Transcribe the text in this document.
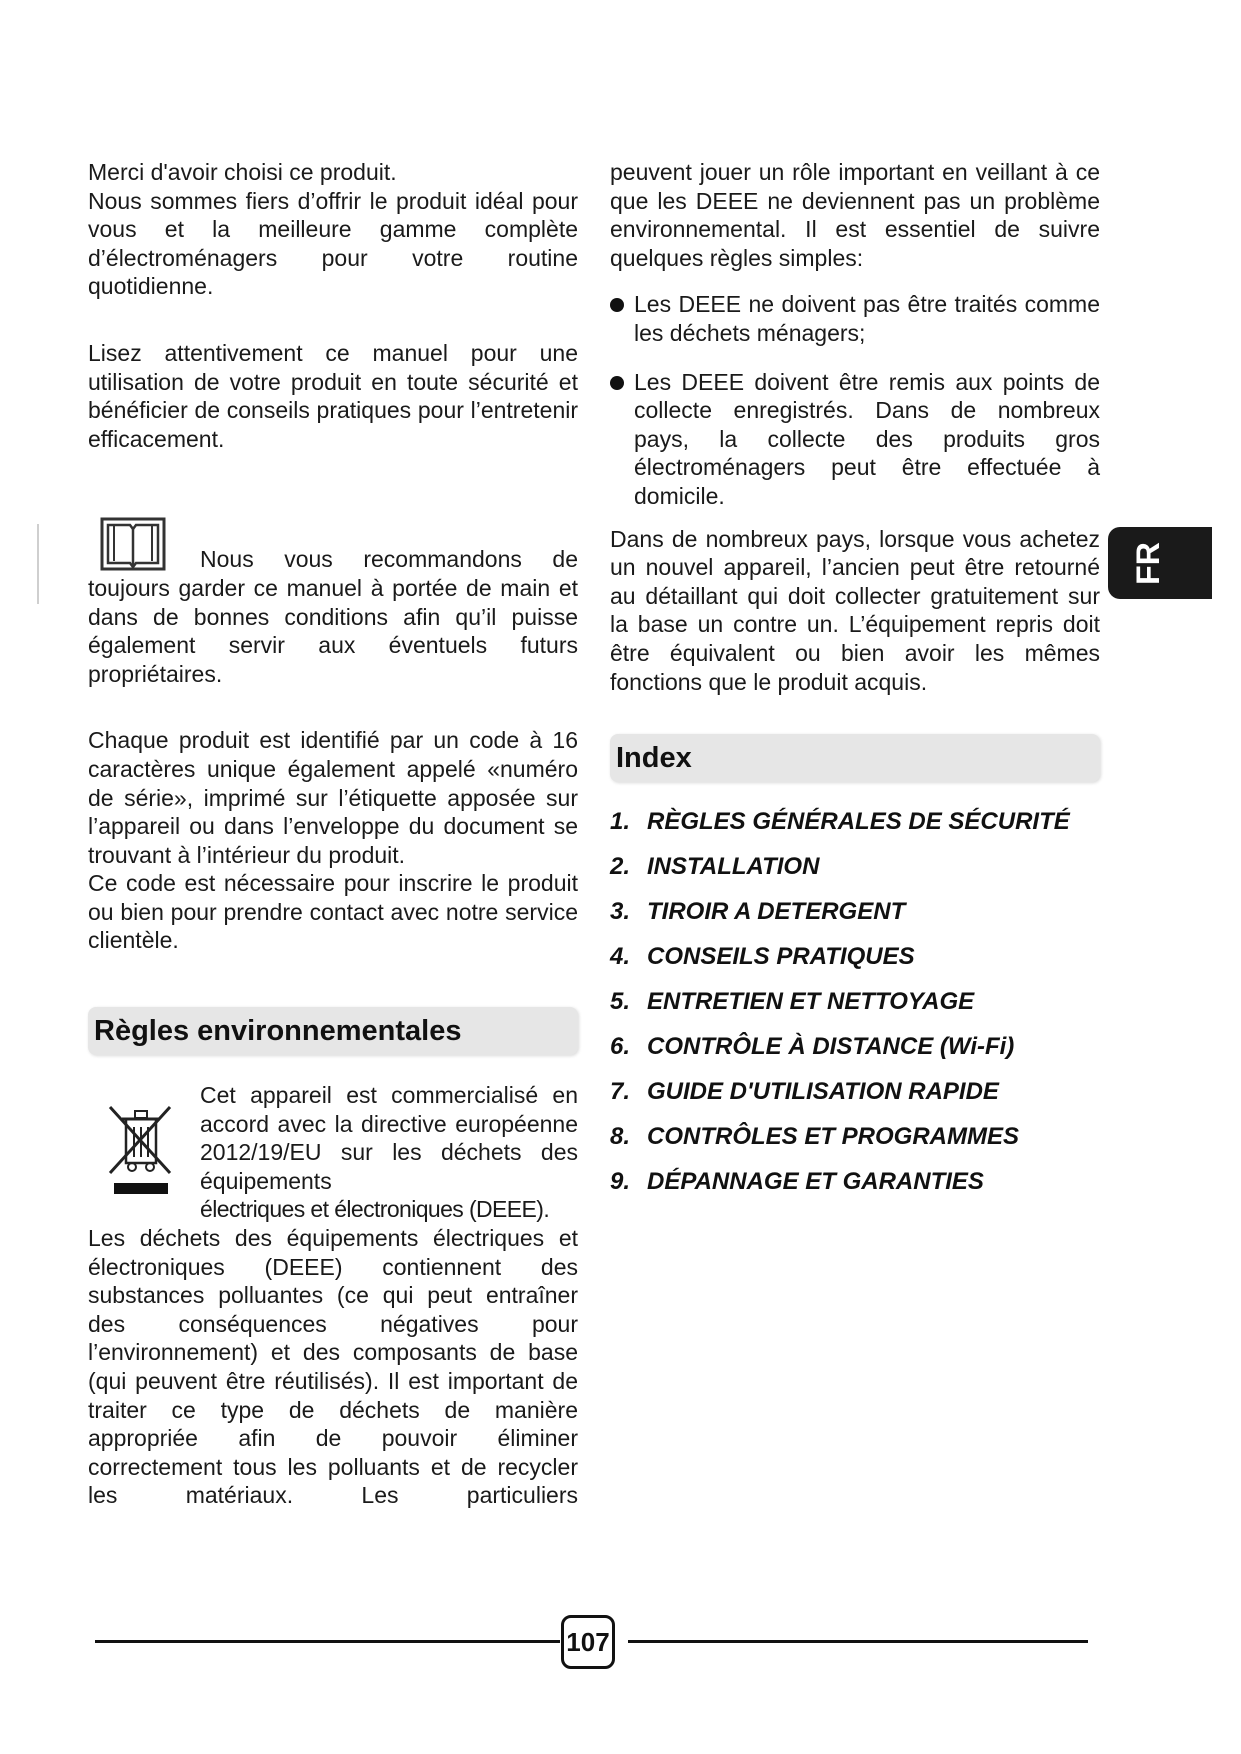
Merci d'avoir choisi ce produit.

Nous sommes fiers d’offrir le produit idéal pour vous et la meilleure gamme complète d’électroménagers pour votre routine quotidienne.

Lisez attentivement ce manuel pour une utilisation de votre produit en toute sécurité et bénéficier de conseils pratiques pour l’entretenir efficacement.

Nous vous recommandons de

toujours garder ce manuel à portée de main et dans de bonnes conditions afin qu’il puisse également servir aux éventuels futurs propriétaires.

Chaque produit est identifié par un code à 16 caractères unique également appelé «numéro de série», imprimé sur l’étiquette apposée sur l’appareil ou dans l’enveloppe du document se trouvant à l’intérieur du produit.

Ce code est nécessaire pour inscrire le produit ou bien pour prendre contact avec notre service clientèle.

Règles environnementales

Cet appareil est commercialisé en accord avec la directive européenne 2012/19/EU sur les déchets des équipements

électriques et électroniques (DEEE).

Les déchets des équipements électriques et électroniques (DEEE) contiennent des substances polluantes (ce qui peut entraîner des conséquences négatives pour l’environnement) et des composants de base (qui peuvent être réutilisés). Il est important de traiter ce type de déchets de manière appropriée afin de pouvoir éliminer correctement tous les polluants et de recycler les matériaux. Les particuliers

peuvent jouer un rôle important en veillant à ce que les DEEE ne deviennent pas un problème environnemental. Il est essentiel de suivre quelques règles simples:

Les DEEE ne doivent pas être traités comme les déchets ménagers;

Les DEEE doivent être remis aux points de collecte enregistrés. Dans de nombreux pays, la collecte des produits gros électroménagers peut être effectuée à domicile.

Dans de nombreux pays, lorsque vous achetez un nouvel appareil, l’ancien peut être retourné au détaillant qui doit collecter gratuitement sur la base un contre un. L’équipement repris doit être équivalent ou bien avoir les mêmes fonctions que le produit acquis.

Index
1. RÈGLES GÉNÉRALES DE SÉCURITÉ
2. INSTALLATION
3. TIROIR A DETERGENT
4. CONSEILS PRATIQUES
5. ENTRETIEN ET NETTOYAGE
6. CONTRÔLE À DISTANCE (Wi-Fi)
7. GUIDE D'UTILISATION RAPIDE
8. CONTRÔLES ET PROGRAMMES
9. DÉPANNAGE ET GARANTIES
FR
107
